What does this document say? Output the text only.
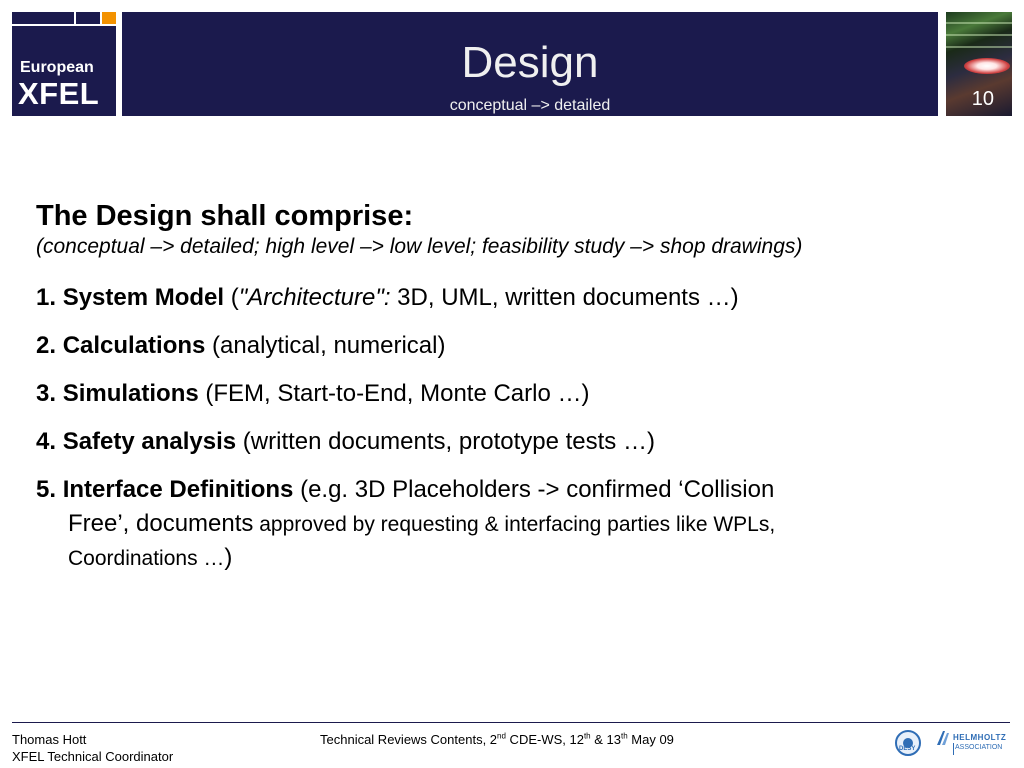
European
XFEL
Design
conceptual –> detailed	10
The Design shall comprise:
(conceptual –> detailed; high level –> low level; feasibility study –> shop drawings)
1. System Model ("Architecture": 3D, UML, written documents …)
2. Calculations (analytical, numerical)
3. Simulations (FEM, Start-to-End, Monte Carlo …)
4. Safety analysis (written documents, prototype tests …)
5. Interface Definitions (e.g. 3D Placeholders -> confirmed ‘Collision
Free’, documents approved by requesting & interfacing parties like WPLs,
Coordinations …)
Thomas Hott
XFEL Technical Coordinator
Technical Reviews Contents, 2nd CDE-WS, 12th & 13th May 09
DESY
HELMHOLTZ
ASSOCIATION
